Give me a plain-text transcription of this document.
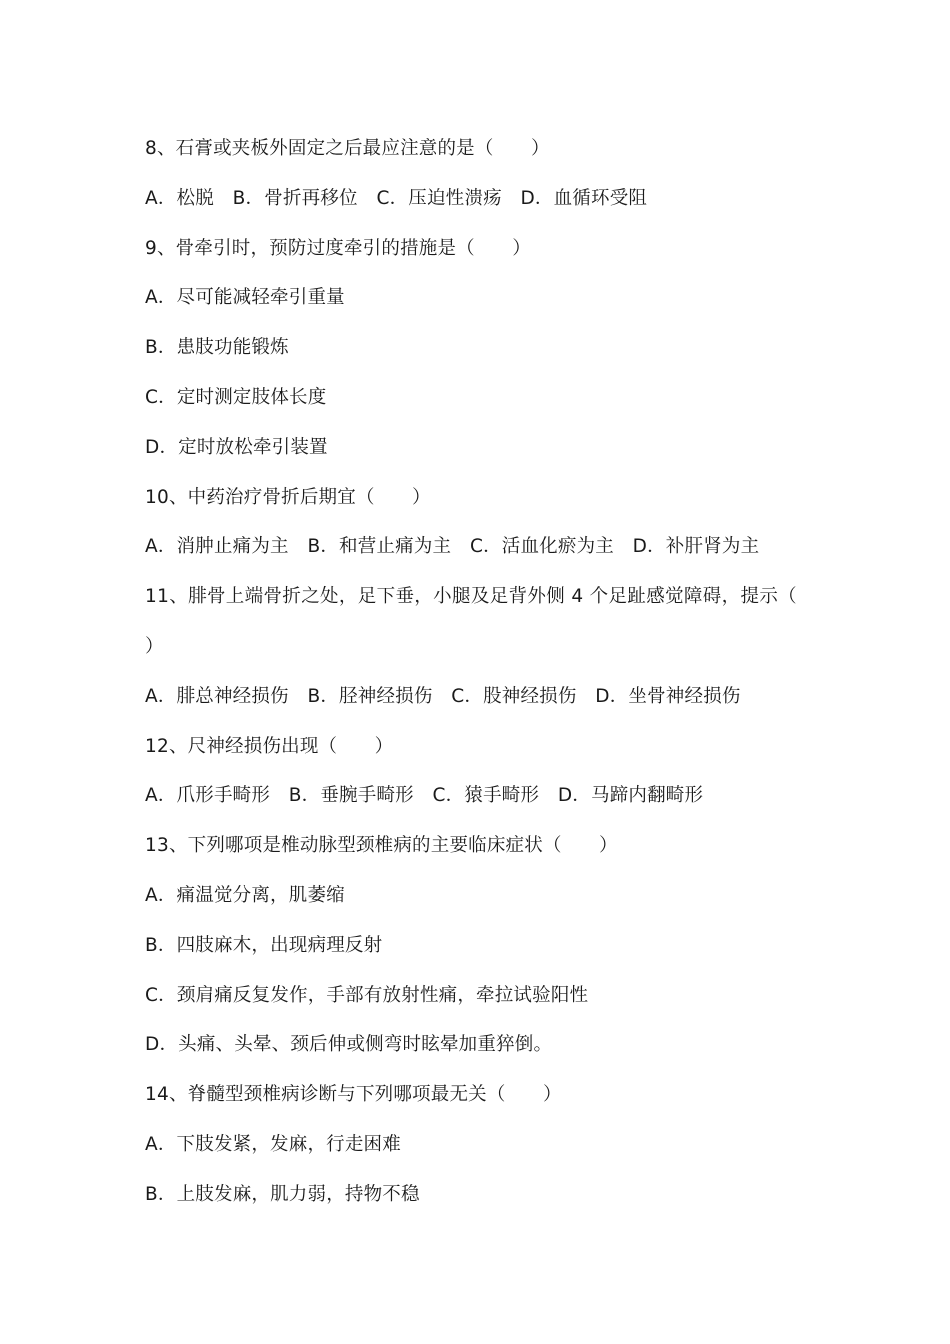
8、石膏或夹板外固定之后最应注意的是（　　）
A．松脱　B．骨折再移位　C．压迫性溃疡　D．血循环受阻
9、骨牵引时，预防过度牵引的措施是（　　）
A．尽可能减轻牵引重量
B．患肢功能锻炼
C．定时测定肢体长度
D．定时放松牵引装置
10、中药治疗骨折后期宜（　　）
A．消肿止痛为主　B．和营止痛为主　C．活血化瘀为主　D．补肝肾为主
11、腓骨上端骨折之处，足下垂，小腿及足背外侧 4 个足趾感觉障碍，提示（
）
A．腓总神经损伤　B．胫神经损伤　C．股神经损伤　D．坐骨神经损伤
12、尺神经损伤出现（　　）
A．爪形手畸形　B．垂腕手畸形　C．猿手畸形　D．马蹄内翻畸形
13、下列哪项是椎动脉型颈椎病的主要临床症状（　　）
A．痛温觉分离，肌萎缩
B．四肢麻木，出现病理反射
C．颈肩痛反复发作，手部有放射性痛，牵拉试验阳性
D．头痛、头晕、颈后伸或侧弯时眩晕加重猝倒。
14、脊髓型颈椎病诊断与下列哪项最无关（　　）
A．下肢发紧，发麻，行走困难
B．上肢发麻，肌力弱，持物不稳
